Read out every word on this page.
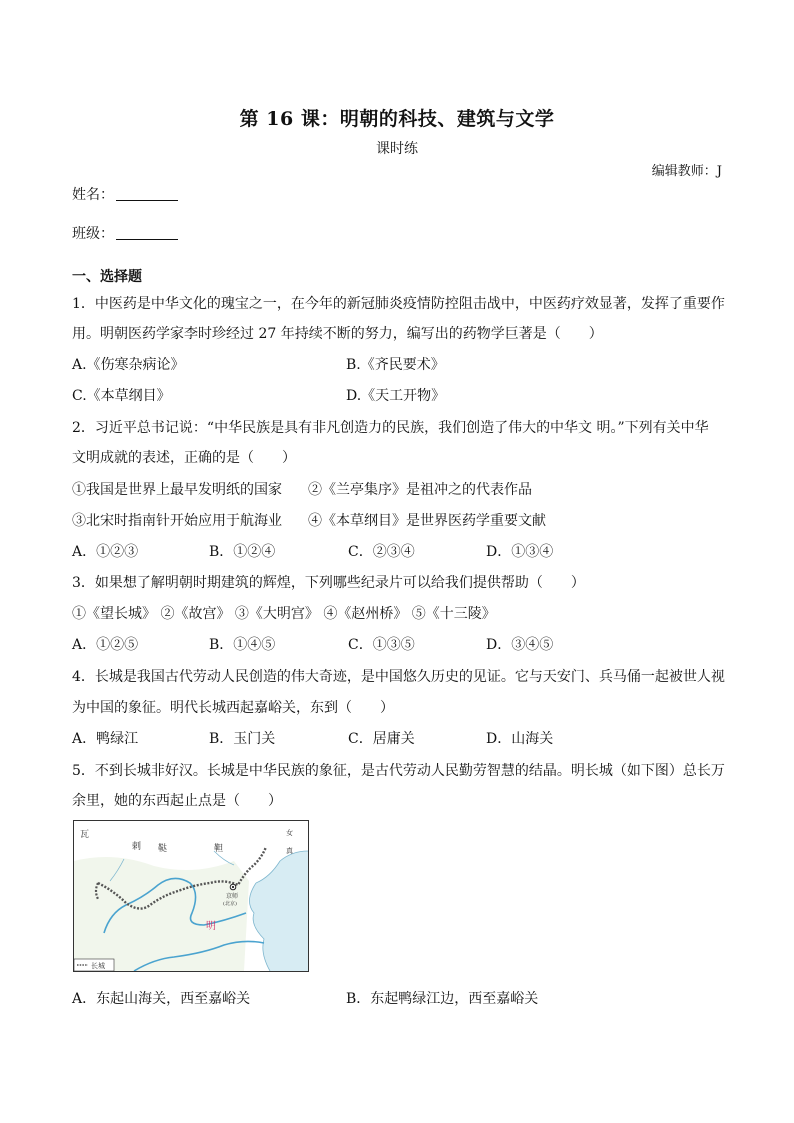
第 16 课：明朝的科技、建筑与文学
课时练
编辑教师：J
姓名：
班级：
一、选择题
1．中医药是中华文化的瑰宝之一，在今年的新冠肺炎疫情防控阻击战中，中医药疗效显著，发挥了重要作
用。明朝医药学家李时珍经过 27 年持续不断的努力，编写出的药物学巨著是（　　）
A.《伤寒杂病论》	B.《齐民要术》
C.《本草纲目》	D.《天工开物》
2．习近平总书记说：“中华民族是具有非凡创造力的民族，我们创造了伟大的中华文 明。”下列有关中华
文明成就的表述，正确的是（　　）
①我国是世界上最早发明纸的国家 ②《兰亭集序》是祖冲之的代表作品
③北宋时指南针开始应用于航海业 ④《本草纲目》是世界医药学重要文献
A．①②③	B．①②④	C．②③④	D．①③④
3．如果想了解明朝时期建筑的辉煌，下列哪些纪录片可以给我们提供帮助（　　）
①《望长城》 ②《故宫》 ③《大明宫》 ④《赵州桥》 ⑤《十三陵》
A．①②⑤	B．①④⑤	C．①③⑤	D．③④⑤
4．长城是我国古代劳动人民创造的伟大奇迹，是中国悠久历史的见证。它与天安门、兵马俑一起被世人视
为中国的象征。明代长城西起嘉峪关，东到（　　）
A．鸭绿江	B．玉门关	C．居庸关	D．山海关
5．不到长城非好汉。长城是中华民族的象征，是古代劳动人民勤劳智慧的结晶。明长城（如下图）总长万
余里，她的东西起止点是（　　）
瓦
剌 鞑	靼
女
真
京师
(北京)
明
长城
A．东起山海关，西至嘉峪关	B．东起鸭绿江边，西至嘉峪关
